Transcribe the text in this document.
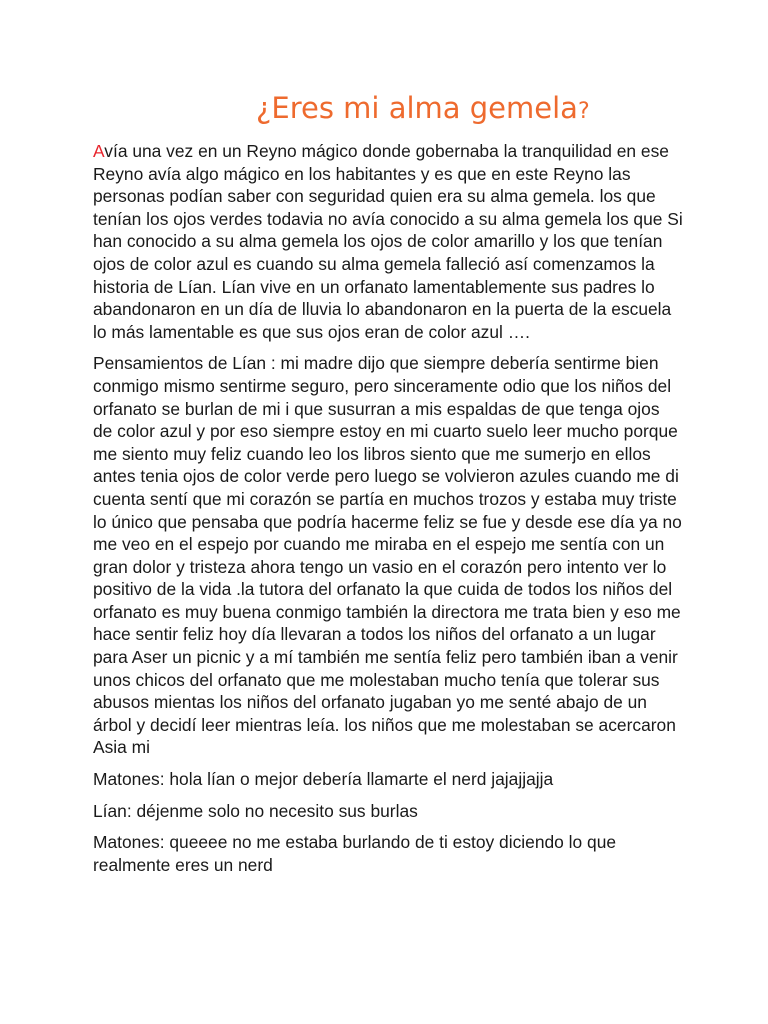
¿Eres mi alma gemela?

Avía una vez en un Reyno mágico donde gobernaba la tranquilidad en ese Reyno avía algo mágico en los habitantes y es que en este Reyno las personas podían saber con seguridad quien era su alma gemela. los que tenían los ojos verdes todavia no avía conocido a su alma gemela los que Si han conocido a su alma gemela los ojos de color amarillo y los que tenían ojos de color azul es cuando su alma gemela falleció así comenzamos la historia de Lían. Lían vive en un orfanato lamentablemente sus padres lo abandonaron en un día de lluvia lo abandonaron en la puerta de la escuela lo más lamentable es que sus ojos eran de color azul ….

Pensamientos de Lían : mi madre dijo que siempre debería sentirme bien conmigo mismo sentirme seguro, pero sinceramente odio que los niños del orfanato se burlan de mi i que susurran a mis espaldas de que tenga ojos de color azul y por eso siempre estoy en mi cuarto suelo leer mucho porque me siento muy feliz cuando leo los libros siento que me sumerjo en ellos antes tenia ojos de color verde pero luego se volvieron azules cuando me di cuenta sentí que mi corazón se partía en muchos trozos y estaba muy triste lo único que pensaba que podría hacerme feliz se fue y desde ese día ya no me veo en el espejo por cuando me miraba en el espejo me sentía con un gran dolor y tristeza ahora tengo un vasio en el corazón pero intento ver lo positivo de la vida .la tutora del orfanato la que cuida de todos los niños del orfanato es muy buena conmigo también la directora me trata bien y eso me hace sentir feliz hoy día llevaran a todos los niños del orfanato a un lugar para Aser un picnic y a mí también me sentía feliz pero también iban a venir unos chicos del orfanato que me molestaban mucho tenía que tolerar sus abusos mientas los niños del orfanato jugaban yo me senté abajo de un árbol y decidí leer mientras leía. los niños que me molestaban se acercaron Asia mi

Matones: hola lían o mejor debería llamarte el nerd jajajjajja

Lían: déjenme solo no necesito sus burlas

Matones: queeee no me estaba burlando de ti estoy diciendo lo que realmente eres un nerd
